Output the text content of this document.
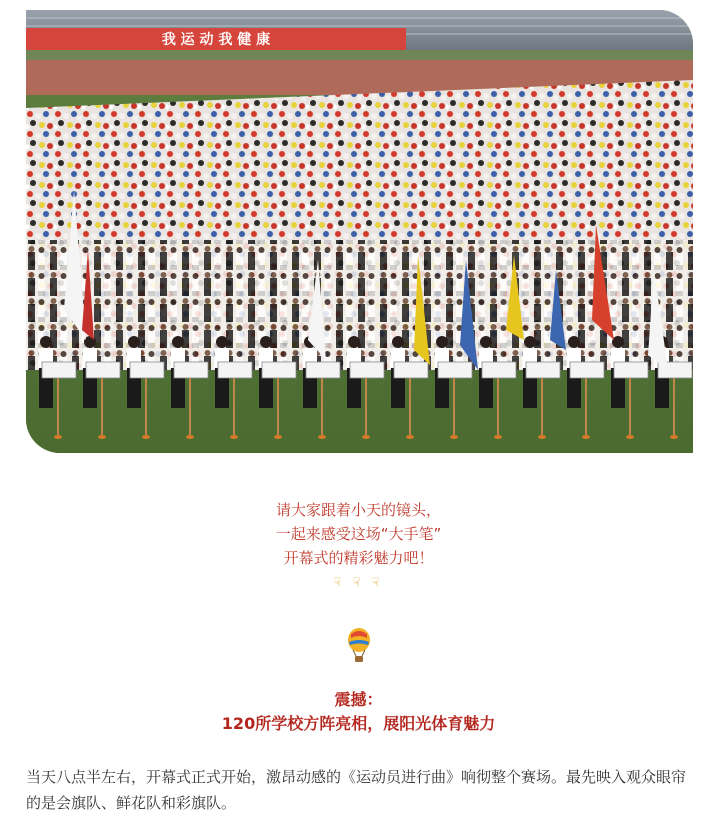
我 运 动 我 健 康
请大家跟着小天的镜头，
一起来感受这场“大手笔”
开幕式的精彩魅力吧！
☟ ☟ ☟
震撼：
120所学校方阵亮相，展阳光体育魅力
当天八点半左右，开幕式正式开始，激昂动感的《运动员进行曲》响彻整个赛场。最先映入观众眼帘的是会旗队、鲜花队和彩旗队。
